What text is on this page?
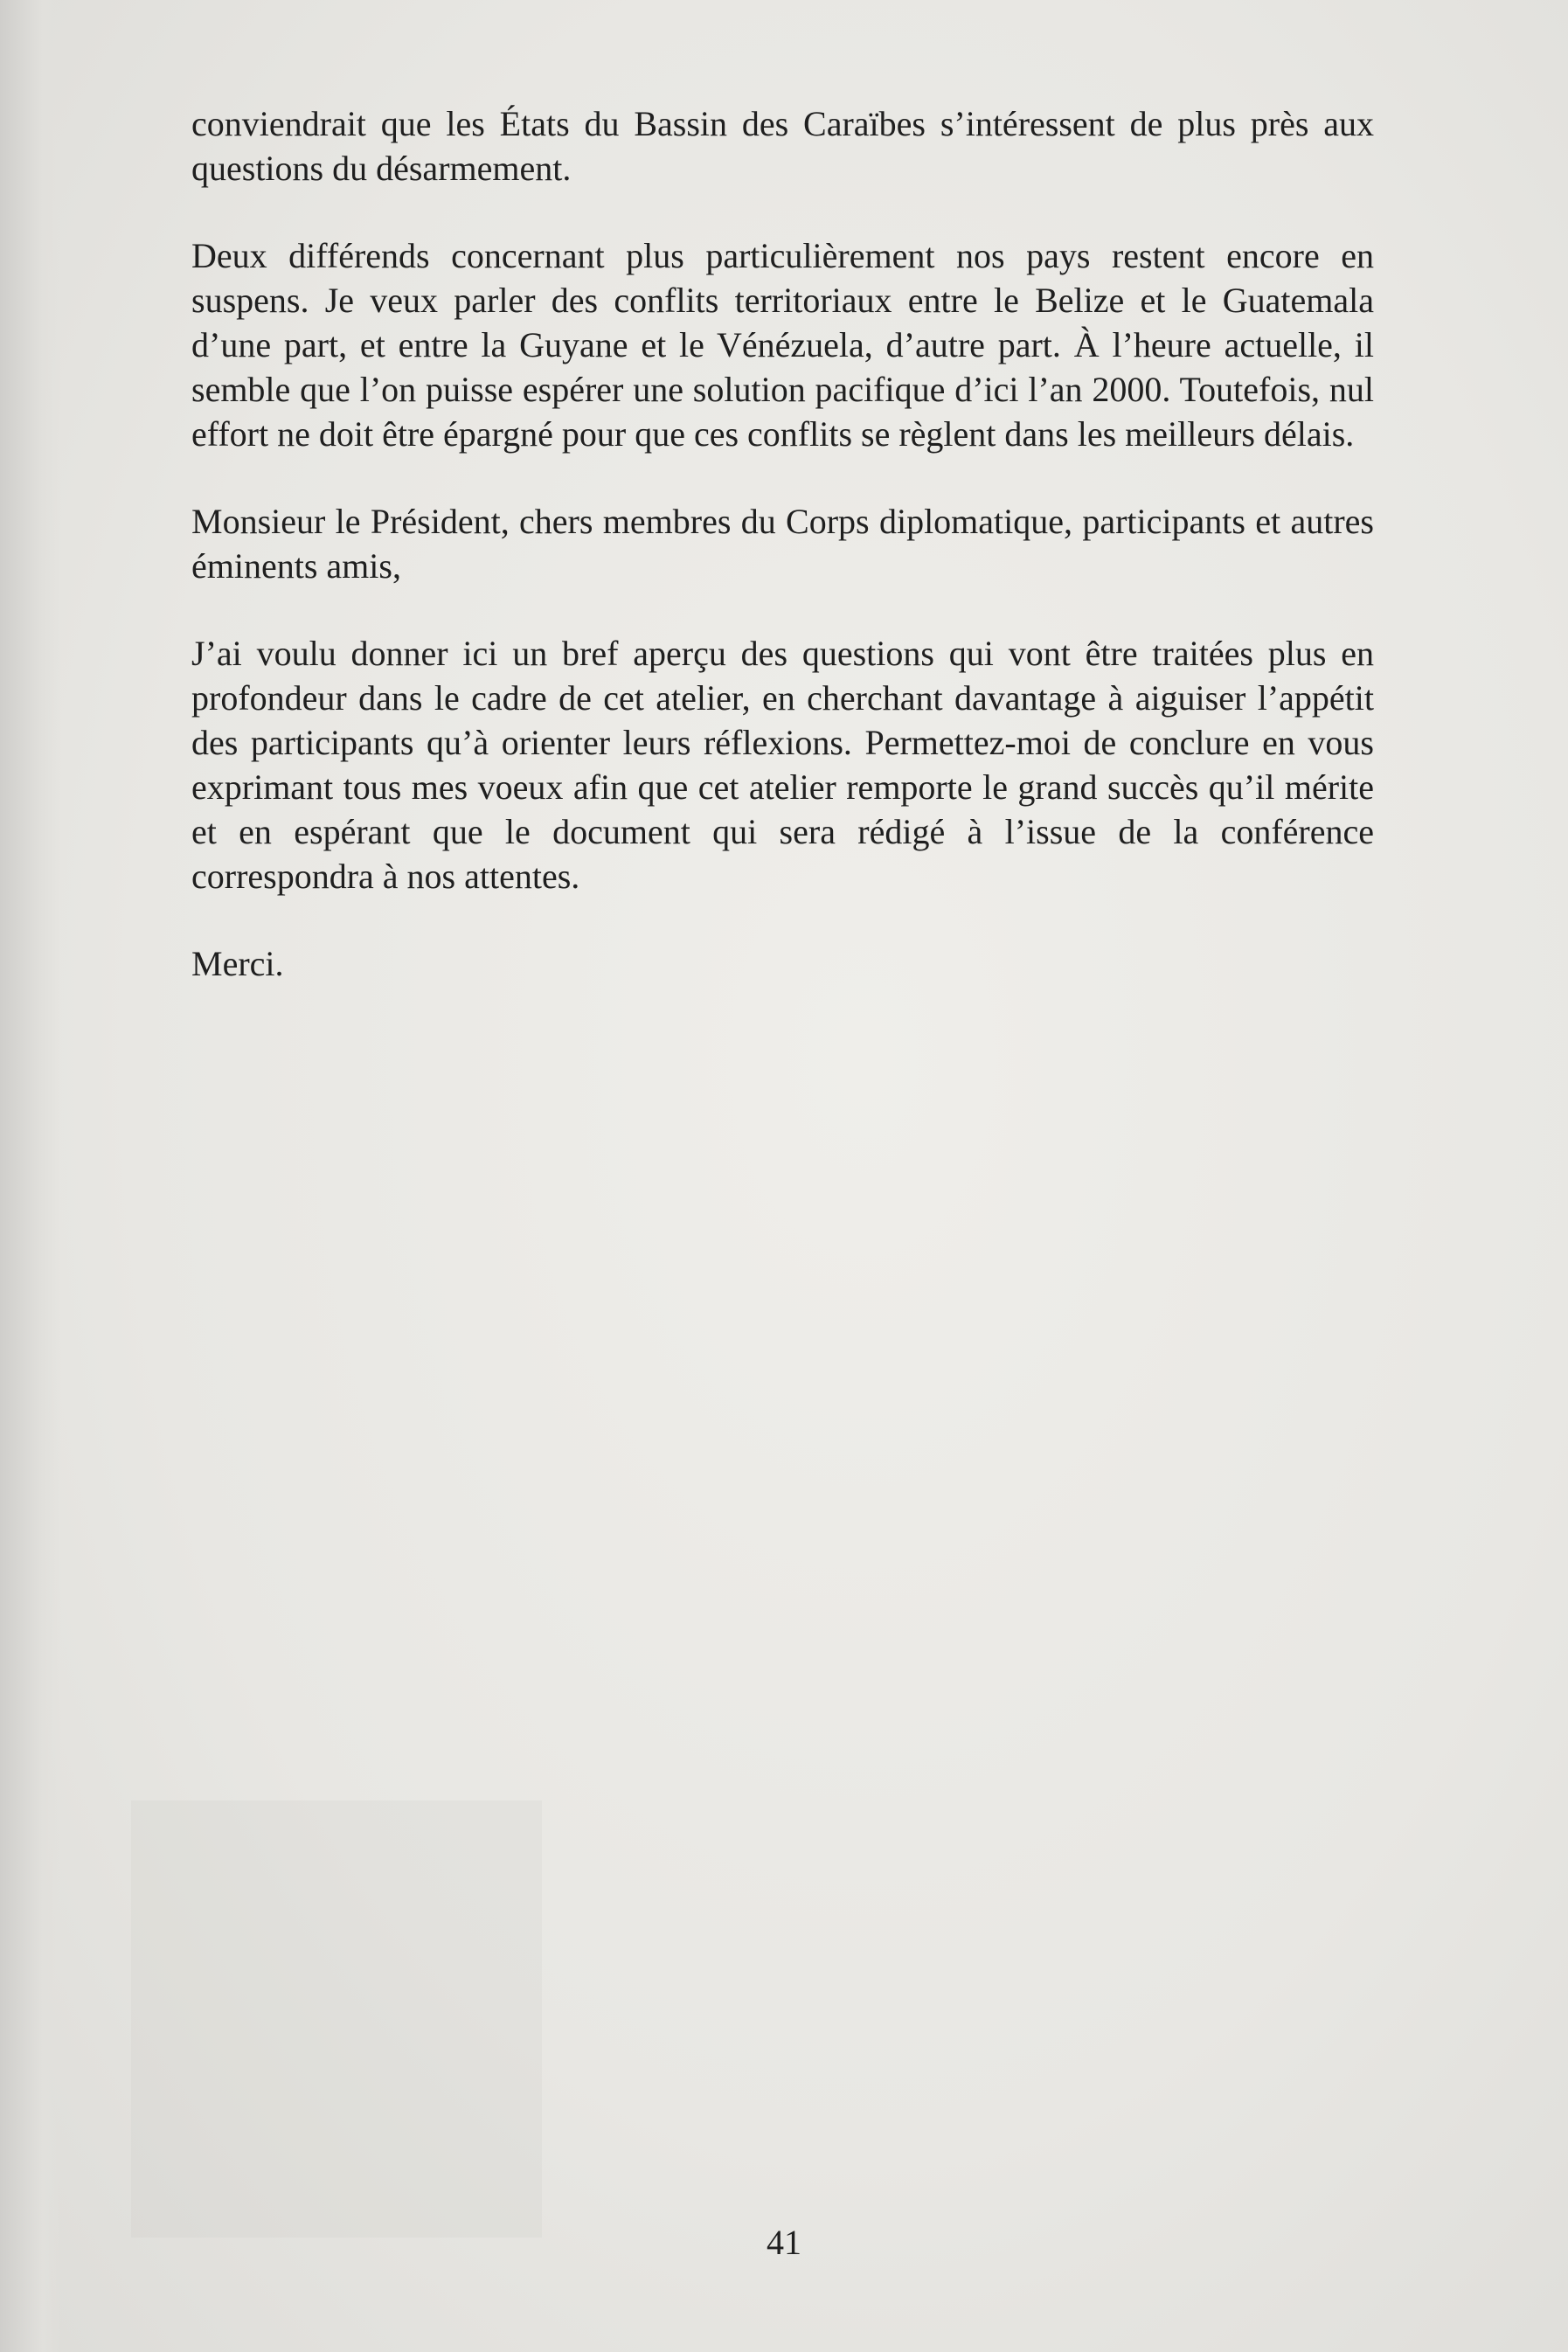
conviendrait que les États du Bassin des Caraïbes s’intéressent de plus près aux questions du désarmement.

Deux différends concernant plus particulièrement nos pays restent encore en suspens. Je veux parler des conflits territoriaux entre le Belize et le Guatemala d’une part, et entre la Guyane et le Vénézuela, d’autre part. À l’heure actuelle, il semble que l’on puisse espérer une solution pacifique d’ici l’an 2000. Toutefois, nul effort ne doit être épargné pour que ces conflits se règlent dans les meilleurs délais.

Monsieur le Président, chers membres du Corps diplomatique, participants et autres éminents amis,

J’ai voulu donner ici un bref aperçu des questions qui vont être traitées plus en profondeur dans le cadre de cet atelier, en cherchant davantage à aiguiser l’appétit des participants qu’à orienter leurs réflexions. Permettez-moi de conclure en vous exprimant tous mes voeux afin que cet atelier remporte le grand succès qu’il mérite et en espérant que le document qui sera rédigé à l’issue de la conférence correspondra à nos attentes.

Merci.

41
